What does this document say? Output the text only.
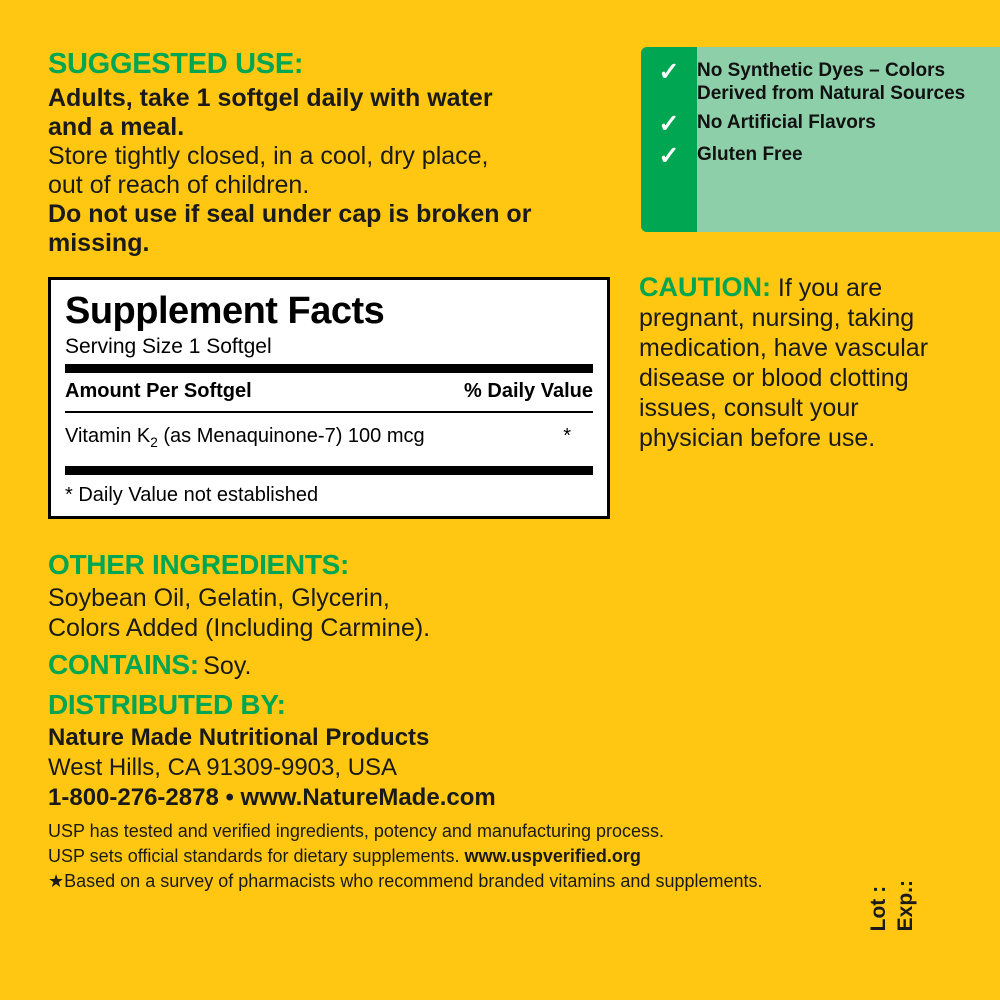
SUGGESTED USE:
Adults, take 1 softgel daily with water
and a meal.
Store tightly closed, in a cool, dry place,
out of reach of children.
Do not use if seal under cap is broken or missing.
Supplement Facts
Serving Size 1 Softgel
Amount Per Softgel	% Daily Value
Vitamin $K_2$ (as Menaquinone-7) 100 mcg	*
* Daily Value not established
OTHER INGREDIENTS:
Soybean Oil, Gelatin, Glycerin,
Colors Added (Including Carmine).
CONTAINS: Soy.
DISTRIBUTED BY:
Nature Made Nutritional Products
West Hills, CA 91309-9903, USA
1-800-276-2878 • www.NatureMade.com
USP has tested and verified ingredients, potency and manufacturing process.
USP sets official standards for dietary supplements. www.uspverified.org
★Based on a survey of pharmacists who recommend branded vitamins and supplements.
✓ No Synthetic Dyes – Colors Derived from Natural Sources
✓ No Artificial Flavors
✓ Gluten Free
CAUTION: If you are pregnant, nursing, taking medication, have vascular disease or blood clotting issues, consult your physician before use.
Lot : Exp.:
